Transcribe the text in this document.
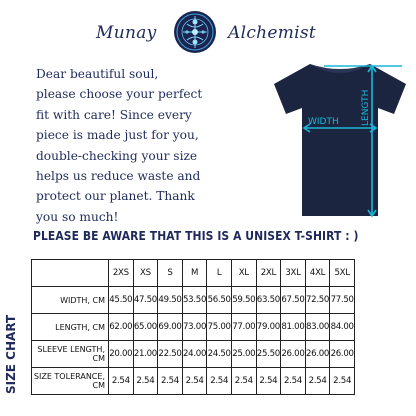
Munay	Alchemist

Dear beautiful soul,

please choose your perfect

fit with care! Since every

piece is made just for you,

double-checking your size

helps us reduce waste and

protect our planet. Thank

you so much!

LENGTH
WIDTH
PLEASE BE AWARE THAT THIS IS A UNISEX T-SHIRT : )
SIZE CHART
	2XS	XS	S	M	L	XL	2XL	3XL	4XL	5XL
WIDTH, CM	45.50	47.50	49.50	53.50	56.50	59.50	63.50	67.50	72.50	77.50
LENGTH, CM	62.00	65.00	69.00	73.00	75.00	77.00	79.00	81.00	83.00	84.00
SLEEVE LENGTH, CM	20.00	21.00	22.50	24.00	24.50	25.00	25.50	26.00	26.00	26.00
SIZE TOLERANCE, CM	2.54	2.54	2.54	2.54	2.54	2.54	2.54	2.54	2.54	2.54
